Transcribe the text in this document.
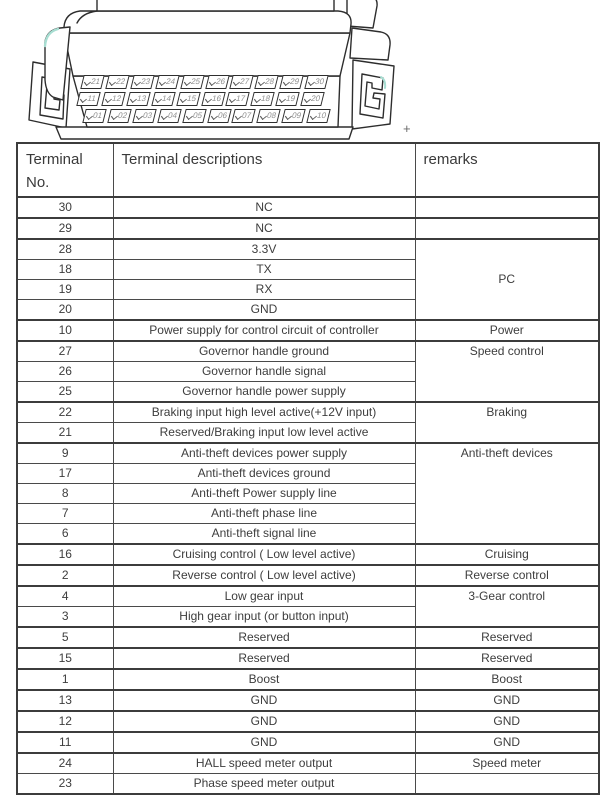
21 22 23 24 25 26 27 28 29 30
11 12 13 14 15 16 17 18 19 20
01 02 03 04 05 06 07 08 09 10
+
Terminal No.	Terminal descriptions	remarks
30	NC	
29	NC	
28	3.3V	PC
18	TX	
19	RX	
20	GND	
10	Power supply for control circuit of controller	Power
27	Governor handle ground	Speed control
26	Governor handle signal	
25	Governor handle power supply	
22	Braking input high level active(+12V input)	Braking
21	Reserved/Braking input low level active	
9	Anti-theft devices power supply	Anti-theft devices
17	Anti-theft devices ground	
8	Anti-theft Power supply line	
7	Anti-theft phase line	
6	Anti-theft signal line	
16	Cruising control ( Low level active)	Cruising
2	Reverse control ( Low level active)	Reverse control
4	Low gear input	3-Gear control
3	High gear input (or button input)	
5	Reserved	Reserved
15	Reserved	Reserved
1	Boost	Boost
13	GND	GND
12	GND	GND
11	GND	GND
24	HALL speed meter output	Speed meter
23	Phase speed meter output	
